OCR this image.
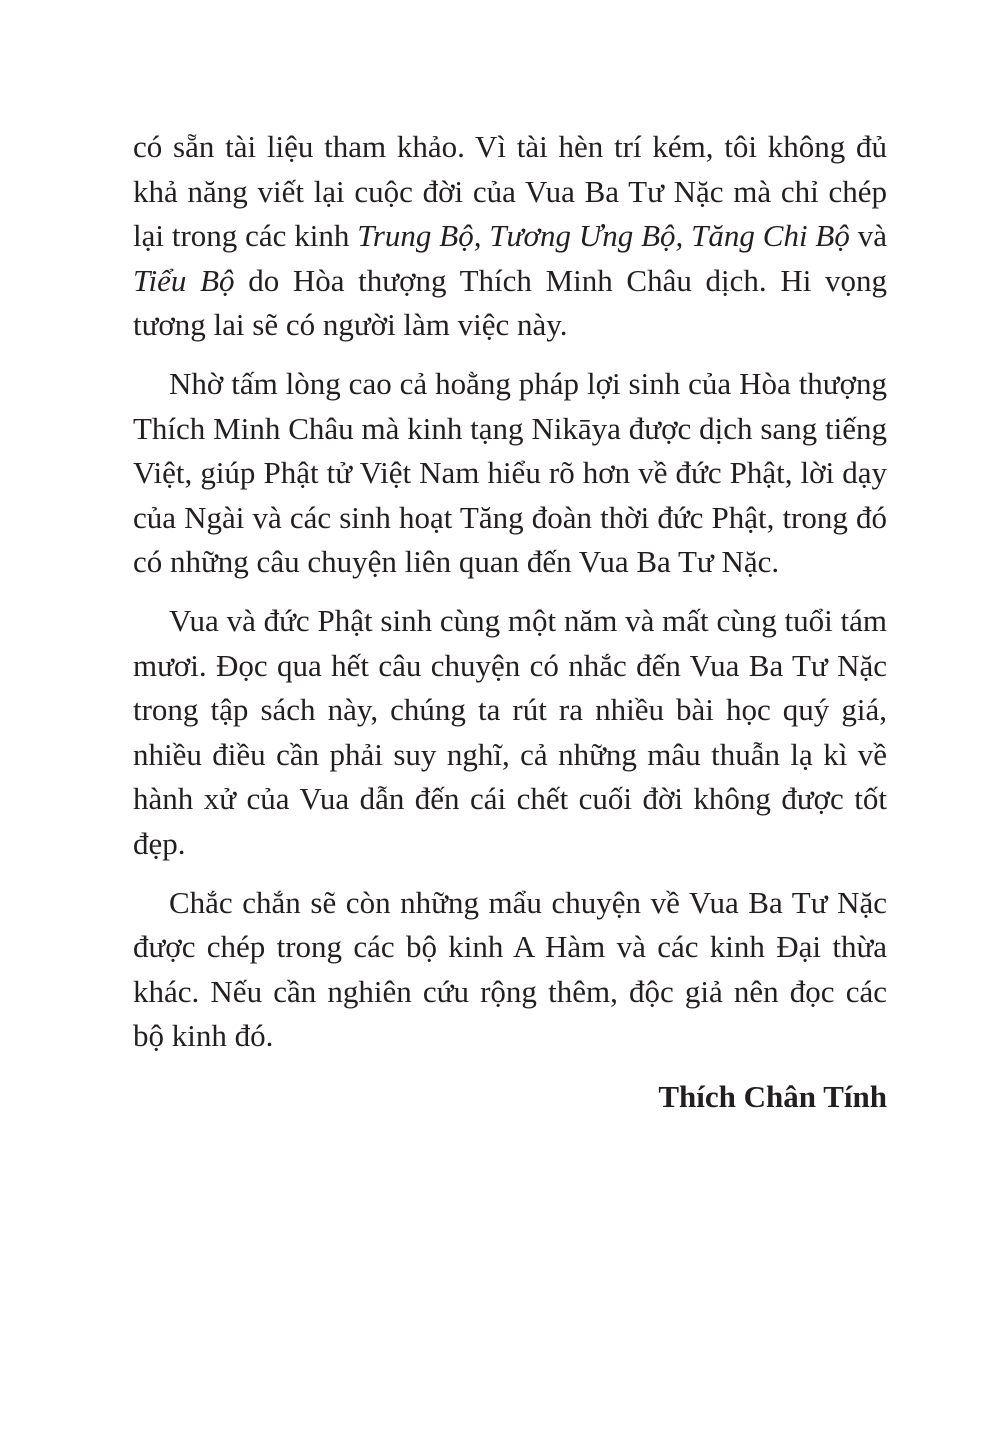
có sẵn tài liệu tham khảo. Vì tài hèn trí kém, tôi không đủ khả năng viết lại cuộc đời của Vua Ba Tư Nặc mà chỉ chép lại trong các kinh Trung Bộ, Tương Ưng Bộ, Tăng Chi Bộ và Tiểu Bộ do Hòa thượng Thích Minh Châu dịch. Hi vọng tương lai sẽ có người làm việc này.

Nhờ tấm lòng cao cả hoằng pháp lợi sinh của Hòa thượng Thích Minh Châu mà kinh tạng Nikāya được dịch sang tiếng Việt, giúp Phật tử Việt Nam hiểu rõ hơn về đức Phật, lời dạy của Ngài và các sinh hoạt Tăng đoàn thời đức Phật, trong đó có những câu chuyện liên quan đến Vua Ba Tư Nặc.

Vua và đức Phật sinh cùng một năm và mất cùng tuổi tám mươi. Đọc qua hết câu chuyện có nhắc đến Vua Ba Tư Nặc trong tập sách này, chúng ta rút ra nhiều bài học quý giá, nhiều điều cần phải suy nghĩ, cả những mâu thuẫn lạ kì về hành xử của Vua dẫn đến cái chết cuối đời không được tốt đẹp.

Chắc chắn sẽ còn những mẩu chuyện về Vua Ba Tư Nặc được chép trong các bộ kinh A Hàm và các kinh Đại thừa khác. Nếu cần nghiên cứu rộng thêm, độc giả nên đọc các bộ kinh đó.

Thích Chân Tính
